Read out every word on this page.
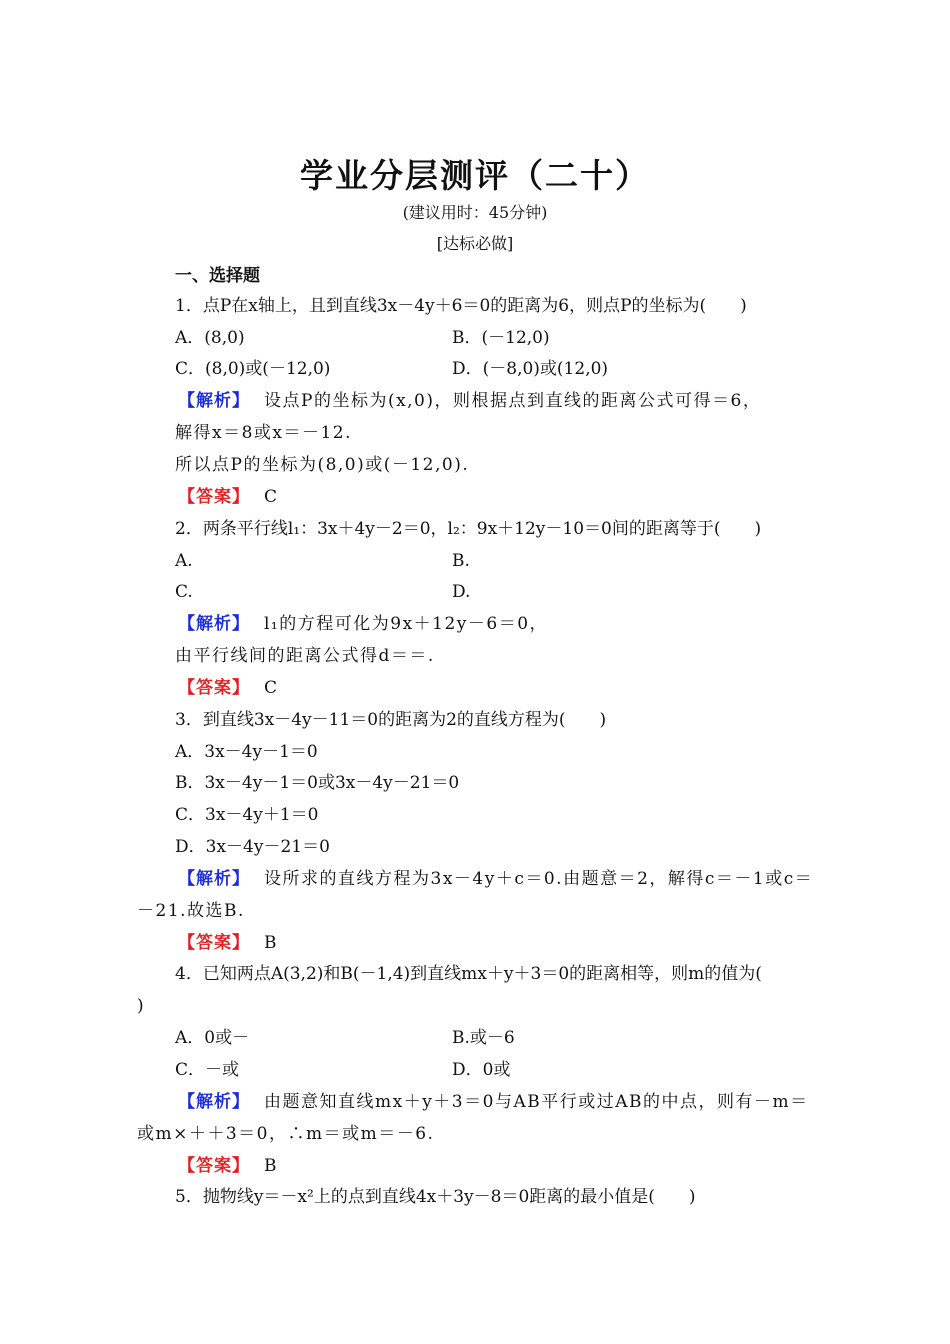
学业分层测评（二十）
(建议用时：45分钟)
[达标必做]
一、选择题
1．点P在x轴上，且到直线3x－4y＋6＝0的距离为6，则点P的坐标为(　　)
A．(8,0)	B．(－12,0)
C．(8,0)或(－12,0)	D．(－8,0)或(12,0)
【解析】 设点P的坐标为(x,0)，则根据点到直线的距离公式可得＝6，
解得x＝8或x＝－12.
所以点P的坐标为(8,0)或(－12,0).
【答案】 C
2．两条平行线l₁：3x＋4y－2＝0，l₂：9x＋12y－10＝0间的距离等于(　　)
A.	B.
C.	D.
【解析】 l₁的方程可化为9x＋12y－6＝0，
由平行线间的距离公式得d＝＝.
【答案】 C
3．到直线3x－4y－11＝0的距离为2的直线方程为(　　)
A．3x－4y－1＝0
B．3x－4y－1＝0或3x－4y－21＝0
C．3x－4y＋1＝0
D．3x－4y－21＝0
【解析】 设所求的直线方程为3x－4y＋c＝0.由题意＝2，解得c＝－1或c＝
－21.故选B.
【答案】 B
4．已知两点A(3,2)和B(－1,4)到直线mx＋y＋3＝0的距离相等，则m的值为(
)
A．0或－	B.或－6
C．－或	D．0或
【解析】 由题意知直线mx＋y＋3＝0与AB平行或过AB的中点，则有－m＝
或m×＋＋3＝0，∴m＝或m＝－6.
【答案】 B
5．抛物线y＝－x²上的点到直线4x＋3y－8＝0距离的最小值是(　　)
